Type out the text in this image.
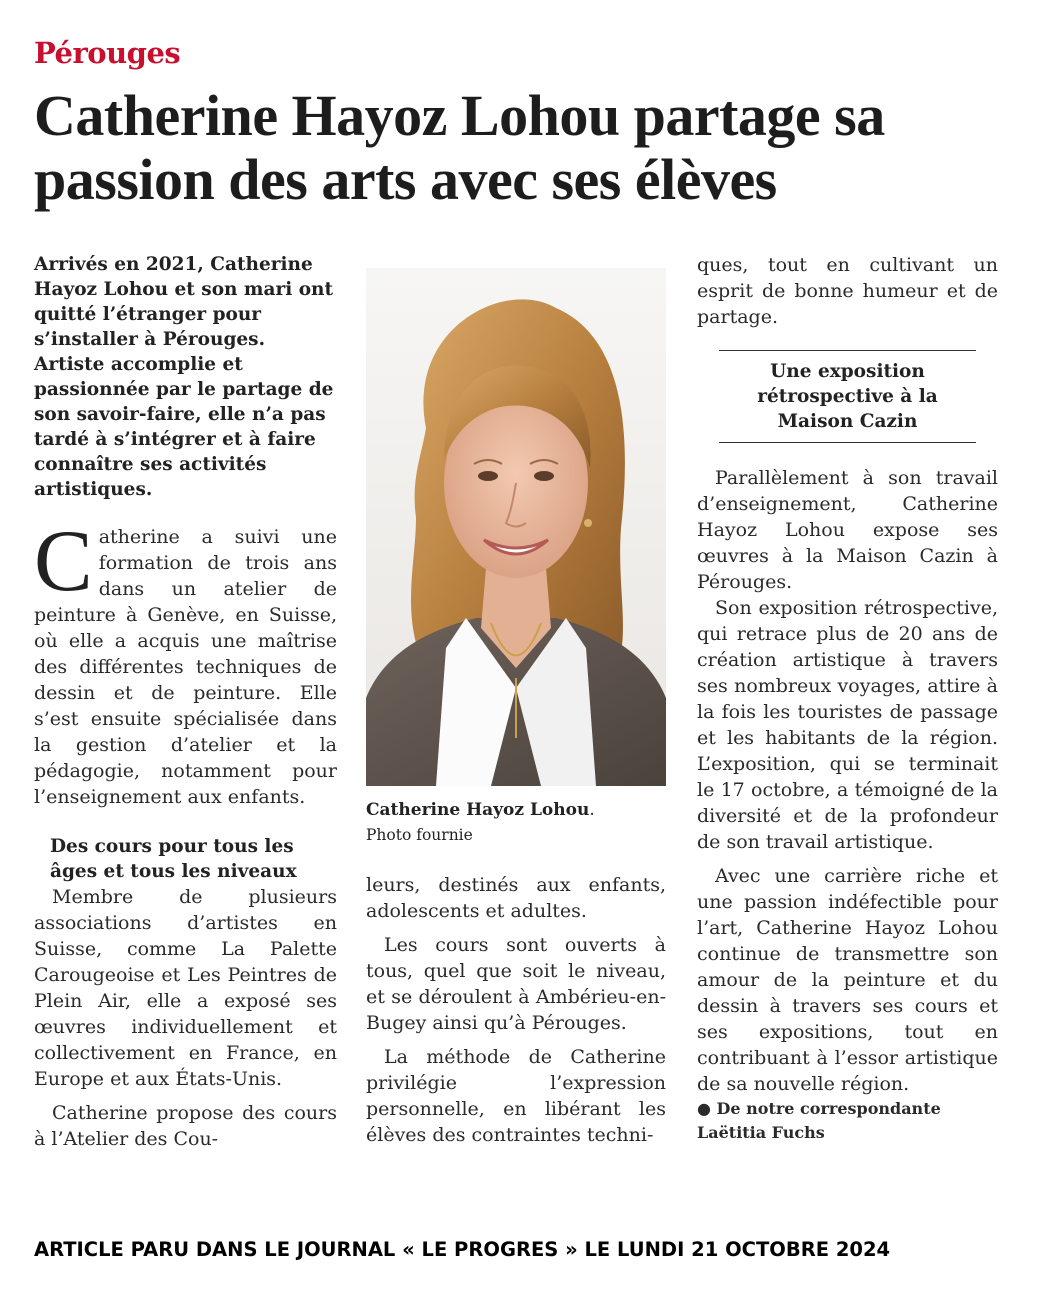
Pérouges
Catherine Hayoz Lohou partage sa passion des arts avec ses élèves

Arrivés en 2021, Catherine Hayoz Lohou et son mari ont quitté l’étranger pour s’installer à Pérouges. Artiste accomplie et passionnée par le partage de son savoir-faire, elle n’a pas tardé à s’intégrer et à faire connaître ses activités artistiques.

Catherine a suivi une formation de trois ans dans un atelier de peinture à Genève, en Suisse, où elle a acquis une maîtrise des différentes techniques de dessin et de peinture. Elle s’est ensuite spécialisée dans la gestion d’atelier et la pédagogie, notamment pour l’enseignement aux enfants.

Des cours pour tous les âges et tous les niveaux

Membre de plusieurs associations d’artistes en Suisse, comme La Palette Carougeoise et Les Peintres de Plein Air, elle a exposé ses œuvres individuellement et collectivement en France, en Europe et aux États-Unis.

Catherine propose des cours à l’Atelier des Cou-

Catherine Hayoz Lohou.
Photo fournie

leurs, destinés aux enfants, adolescents et adultes.

Les cours sont ouverts à tous, quel que soit le niveau, et se déroulent à Ambérieu-en-Bugey ainsi qu’à Pérouges.

La méthode de Catherine privilégie l’expression personnelle, en libérant les élèves des contraintes techni-

ques, tout en cultivant un esprit de bonne humeur et de partage.

Une exposition rétrospective à la Maison Cazin

Parallèlement à son travail d’enseignement, Catherine Hayoz Lohou expose ses œuvres à la Maison Cazin à Pérouges.

Son exposition rétrospective, qui retrace plus de 20 ans de création artistique à travers ses nombreux voyages, attire à la fois les touristes de passage et les habitants de la région. L’exposition, qui se terminait le 17 octobre, a témoigné de la diversité et de la profondeur de son travail artistique.

Avec une carrière riche et une passion indéfectible pour l’art, Catherine Hayoz Lohou continue de transmettre son amour de la peinture et du dessin à travers ses cours et ses expositions, tout en contribuant à l’essor artistique de sa nouvelle région.

● De notre correspondante
Laëtitia Fuchs
ARTICLE PARU DANS LE JOURNAL « LE PROGRES » LE LUNDI 21 OCTOBRE 2024
